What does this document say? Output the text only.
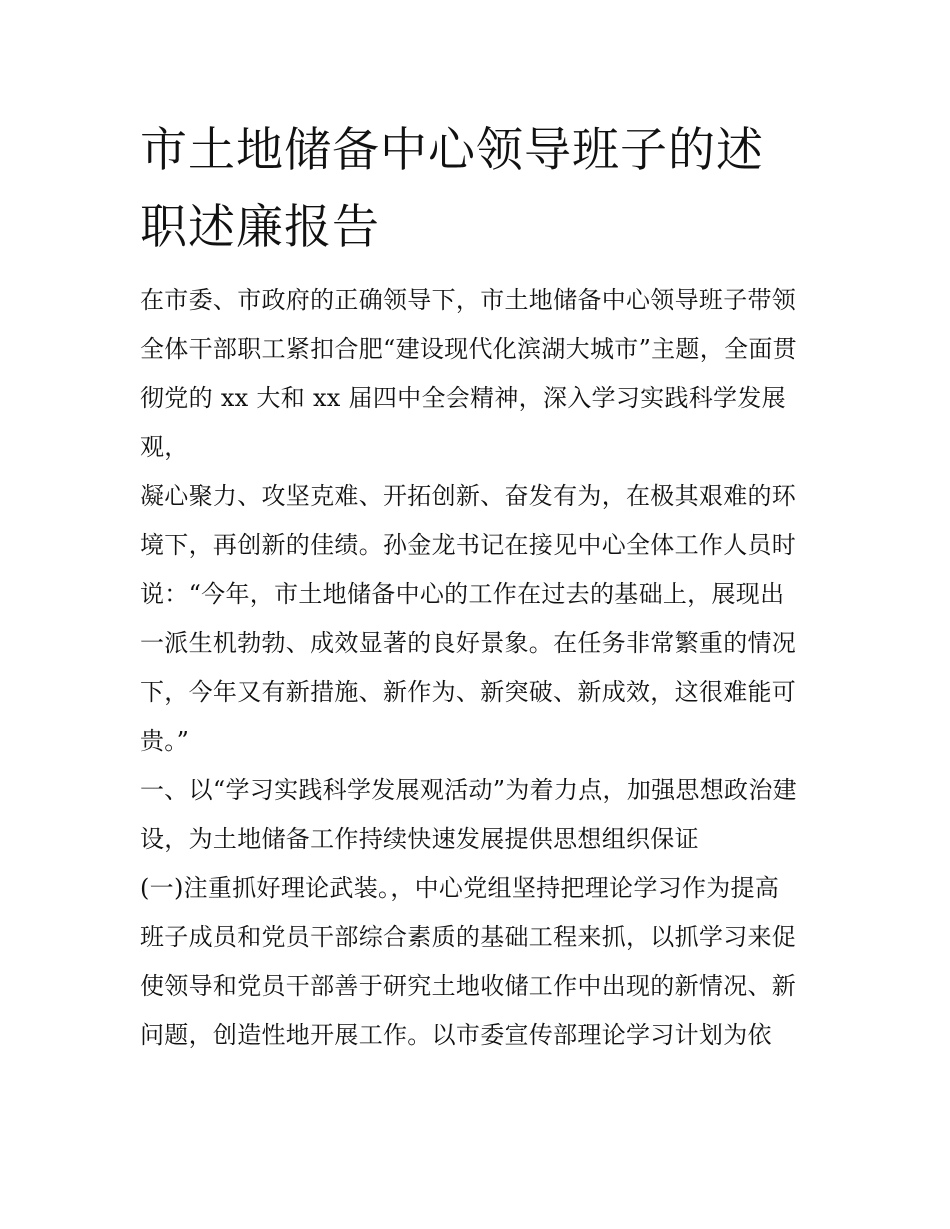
市土地储备中心领导班子的述
职述廉报告
在市委、市政府的正确领导下，市土地储备中心领导班子带领
全体干部职工紧扣合肥“建设现代化滨湖大城市”主题，全面贯
彻党的 xx 大和 xx 届四中全会精神，深入学习实践科学发展
观，
凝心聚力、攻坚克难、开拓创新、奋发有为，在极其艰难的环
境下，再创新的佳绩。孙金龙书记在接见中心全体工作人员时
说：“今年，市土地储备中心的工作在过去的基础上，展现出
一派生机勃勃、成效显著的良好景象。在任务非常繁重的情况
下，今年又有新措施、新作为、新突破、新成效，这很难能可
贵。”
一、以“学习实践科学发展观活动”为着力点，加强思想政治建
设，为土地储备工作持续快速发展提供思想组织保证
(一)注重抓好理论武装。，中心党组坚持把理论学习作为提高
班子成员和党员干部综合素质的基础工程来抓，以抓学习来促
使领导和党员干部善于研究土地收储工作中出现的新情况、新
问题，创造性地开展工作。以市委宣传部理论学习计划为依
